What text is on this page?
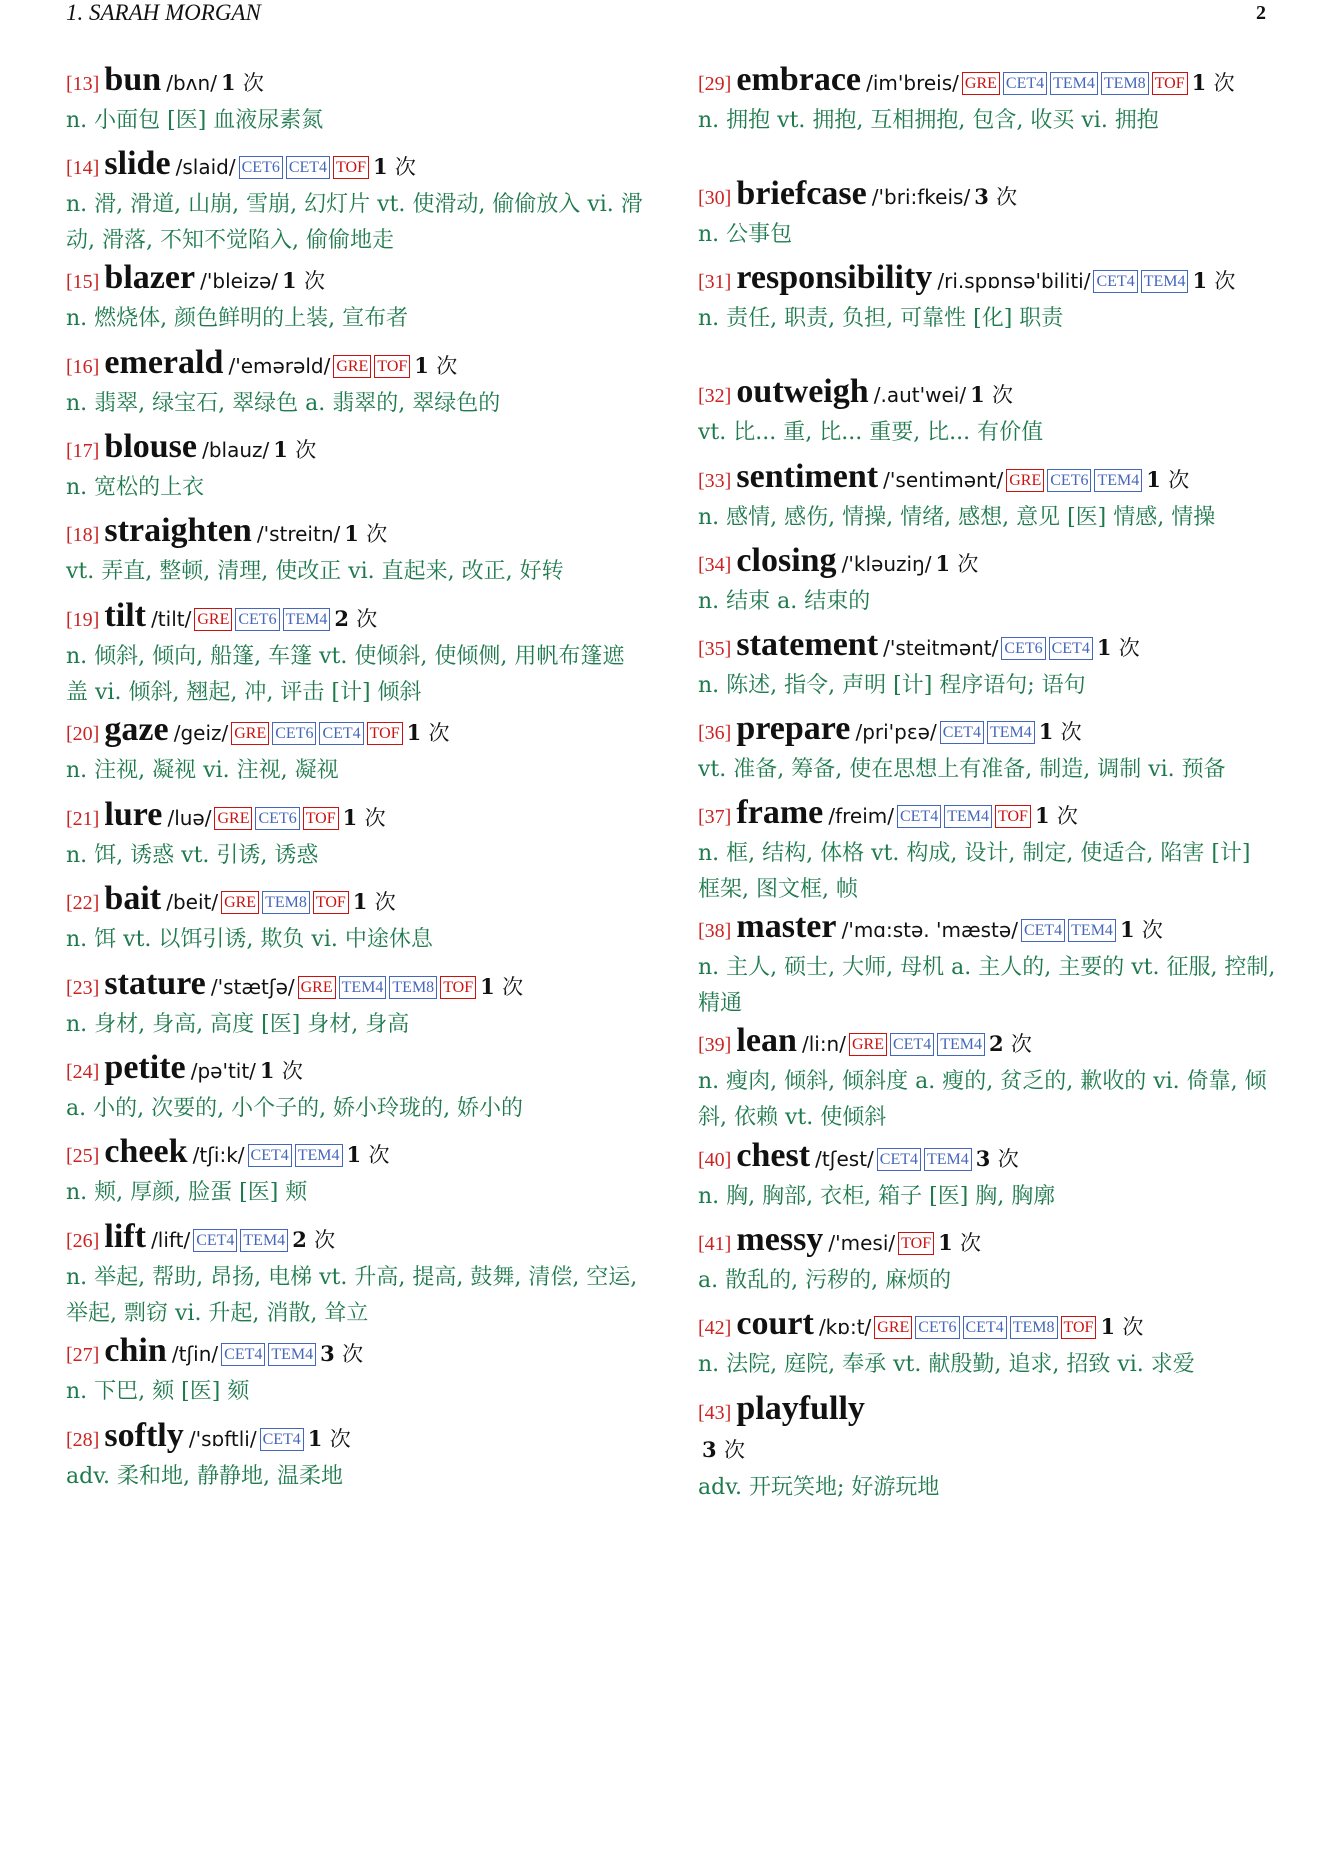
1. SARAH MORGAN	2
[13] bun /bʌn/ 1 次
n. 小面包 [医] 血液尿素氮
[14] slide /slaid/ CET6 CET4 TOF 1 次
n. 滑, 滑道, 山崩, 雪崩, 幻灯片 vt. 使滑动, 偷偷放入 vi. 滑动, 滑落, 不知不觉陷入, 偷偷地走
[15] blazer /'bleizə/ 1 次
n. 燃烧体, 颜色鲜明的上装, 宣布者
[16] emerald /'emərəld/ GRE TOF 1 次
n. 翡翠, 绿宝石, 翠绿色 a. 翡翠的, 翠绿色的
[17] blouse /blauz/ 1 次
n. 宽松的上衣
[18] straighten /'streitn/ 1 次
vt. 弄直, 整顿, 清理, 使改正 vi. 直起来, 改正, 好转
[19] tilt /tilt/ GRE CET6 TEM4 2 次
n. 倾斜, 倾向, 船篷, 车篷 vt. 使倾斜, 使倾侧, 用帆布篷遮盖 vi. 倾斜, 翘起, 冲, 评击 [计] 倾斜
[20] gaze /geiz/ GRE CET6 CET4 TOF 1 次
n. 注视, 凝视 vi. 注视, 凝视
[21] lure /luə/ GRE CET6 TOF 1 次
n. 饵, 诱惑 vt. 引诱, 诱惑
[22] bait /beit/ GRE TEM8 TOF 1 次
n. 饵 vt. 以饵引诱, 欺负 vi. 中途休息
[23] stature /'stætʃə/ GRE TEM4 TEM8 TOF 1 次
n. 身材, 身高, 高度 [医] 身材, 身高
[24] petite /pə'tit/ 1 次
a. 小的, 次要的, 小个子的, 娇小玲珑的, 娇小的
[25] cheek /tʃi:k/ CET4 TEM4 1 次
n. 颊, 厚颜, 脸蛋 [医] 颊
[26] lift /lift/ CET4 TEM4 2 次
n. 举起, 帮助, 昂扬, 电梯 vt. 升高, 提高, 鼓舞, 清偿, 空运, 举起, 剽窃 vi. 升起, 消散, 耸立
[27] chin /tʃin/ CET4 TEM4 3 次
n. 下巴, 颏 [医] 颏
[28] softly /'sɒftli/ CET4 1 次
adv. 柔和地, 静静地, 温柔地
[29] embrace /im'breis/ GRE CET4 TEM4 TEM8 TOF 1 次
n. 拥抱 vt. 拥抱, 互相拥抱, 包含, 收买 vi. 拥抱
[30] briefcase /'bri:fkeis/ 3 次
n. 公事包
[31] responsibility /ri.spɒnsə'biliti/ CET4 TEM4 1 次
n. 责任, 职责, 负担, 可靠性 [化] 职责
[32] outweigh /.aut'wei/ 1 次
vt. 比... 重, 比... 重要, 比... 有价值
[33] sentiment /'sentimənt/ GRE CET6 TEM4 1 次
n. 感情, 感伤, 情操, 情绪, 感想, 意见 [医] 情感, 情操
[34] closing /'kləuziŋ/ 1 次
n. 结束 a. 结束的
[35] statement /'steitmənt/ CET6 CET4 1 次
n. 陈述, 指令, 声明 [计] 程序语句; 语句
[36] prepare /pri'pɛə/ CET4 TEM4 1 次
vt. 准备, 筹备, 使在思想上有准备, 制造, 调制 vi. 预备
[37] frame /freim/ CET4 TEM4 TOF 1 次
n. 框, 结构, 体格 vt. 构成, 设计, 制定, 使适合, 陷害 [计] 框架, 图文框, 帧
[38] master /'mɑ:stə. 'mæstə/ CET4 TEM4 1 次
n. 主人, 硕士, 大师, 母机 a. 主人的, 主要的 vt. 征服, 控制, 精通
[39] lean /li:n/ GRE CET4 TEM4 2 次
n. 瘦肉, 倾斜, 倾斜度 a. 瘦的, 贫乏的, 歉收的 vi. 倚靠, 倾斜, 依赖 vt. 使倾斜
[40] chest /tʃest/ CET4 TEM4 3 次
n. 胸, 胸部, 衣柜, 箱子 [医] 胸, 胸廓
[41] messy /'mesi/ TOF 1 次
a. 散乱的, 污秽的, 麻烦的
[42] court /kɒ:t/ GRE CET6 CET4 TEM8 TOF 1 次
n. 法院, 庭院, 奉承 vt. 献殷勤, 追求, 招致 vi. 求爱
[43] playfully
3 次
adv. 开玩笑地; 好游玩地
